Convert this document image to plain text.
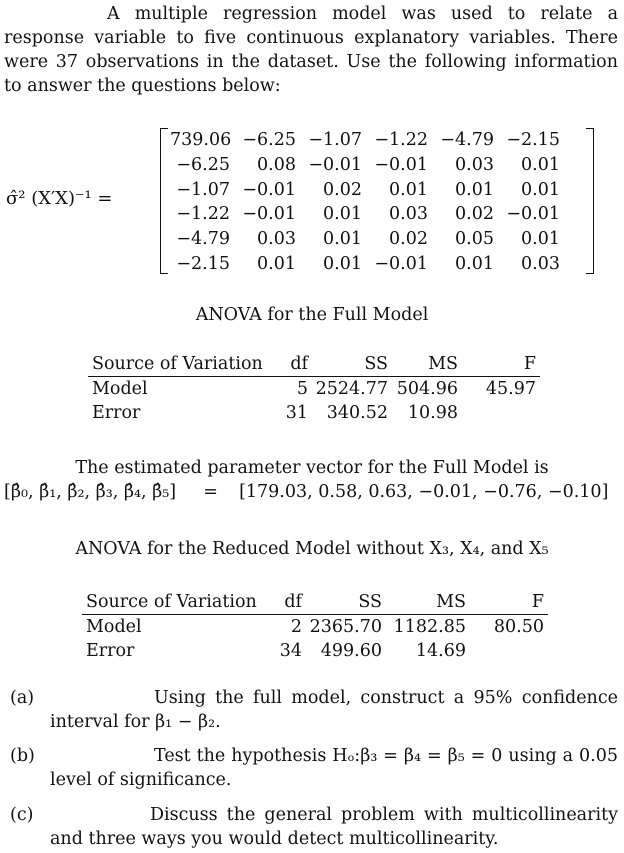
A multiple regression model was used to relate a response variable to five continuous explanatory variables. There were 37 observations in the dataset. Use the following information to answer the questions below:

σ̂² (X′X)⁻¹ =
739.06 −6.25 −1.07 −1.22 −4.79 −2.15
−6.25	0.08 −0.01 −0.01	0.03	0.01
−1.07 −0.01	0.02	0.01	0.01	0.01
−1.22 −0.01	0.01	0.03	0.02 −0.01
−4.79	0.03	0.01	0.02	0.05	0.01
−2.15	0.01	0.01 −0.01	0.01	0.03
ANOVA for the Full Model
Source of Variation	df	SS	MS	F
Model	5	2524.77	504.96	45.97
Error	31	340.52	10.98	
The estimated parameter vector for the Full Model is
[β̂₀, β̂₁, β̂₂, β̂₃, β̂₄, β̂₅] = [179.03, 0.58, 0.63, −0.01, −0.76, −0.10]
ANOVA for the Reduced Model without X₃, X₄, and X₅
Source of Variation	df	SS	MS	F
Model	2	2365.70	1182.85	80.50
Error	34	499.60	14.69	
(a)	Using the full model, construct a 95% confidence interval for β₁ − β₂.
(b)	Test the hypothesis Hₒ:β₃ = β₄ = β₅ = 0 using a 0.05 level of significance.
(c)	Discuss the general problem with multicollinearity and three ways you would detect multicollinearity.
